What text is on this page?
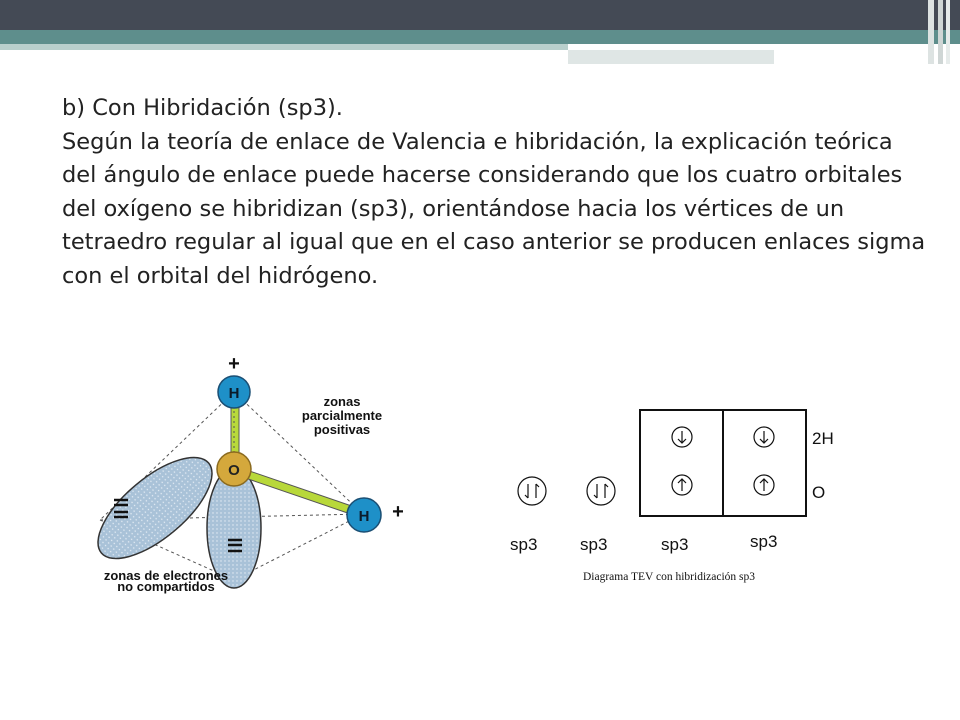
b) Con Hibridación (sp3).

Según la teoría de enlace de Valencia e hibridación, la explicación teórica del ángulo de enlace puede hacerse considerando que los cuatro orbitales del oxígeno se hibridizan (sp3), orientándose hacia los vértices de un tetraedro regular al igual que en el caso anterior se producen enlaces sigma con el orbital del hidrógeno.

H
O
H
+
+
zonas
parcialmente
positivas
zonas de electrones
no compartidos
2H
O
sp3	sp3	sp3	sp3
Diagrama TEV con hibridización sp3
